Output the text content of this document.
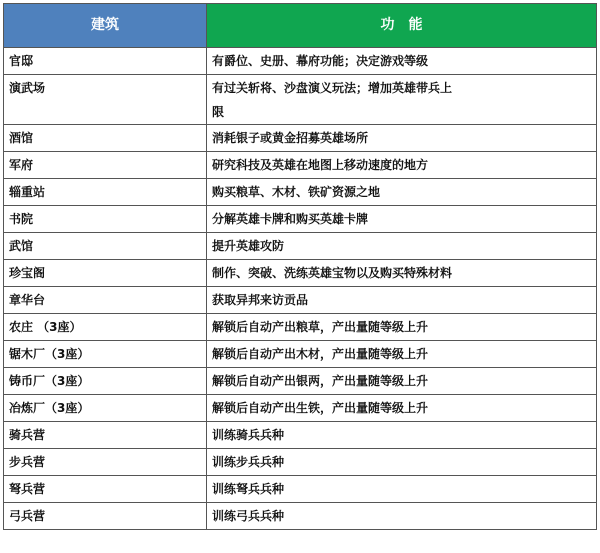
建筑	功　能
官邸	有爵位、史册、幕府功能；决定游戏等级
演武场	有过关斩将、沙盘演义玩法；增加英雄带兵上
限

酒馆	消耗银子或黄金招募英雄场所
军府	研究科技及英雄在地图上移动速度的地方
辎重站	购买粮草、木材、铁矿资源之地
书院	分解英雄卡牌和购买英雄卡牌
武馆	提升英雄攻防
珍宝阁	制作、突破、洗练英雄宝物以及购买特殊材料
章华台	获取异邦来访贡品
农庄 （3座）	解锁后自动产出粮草，产出量随等级上升
锯木厂（3座）	解锁后自动产出木材，产出量随等级上升
铸币厂（3座）	解锁后自动产出银两，产出量随等级上升
冶炼厂（3座）	解锁后自动产出生铁，产出量随等级上升
骑兵营	训练骑兵兵种
步兵营	训练步兵兵种
弩兵营	训练弩兵兵种
弓兵营	训练弓兵兵种
